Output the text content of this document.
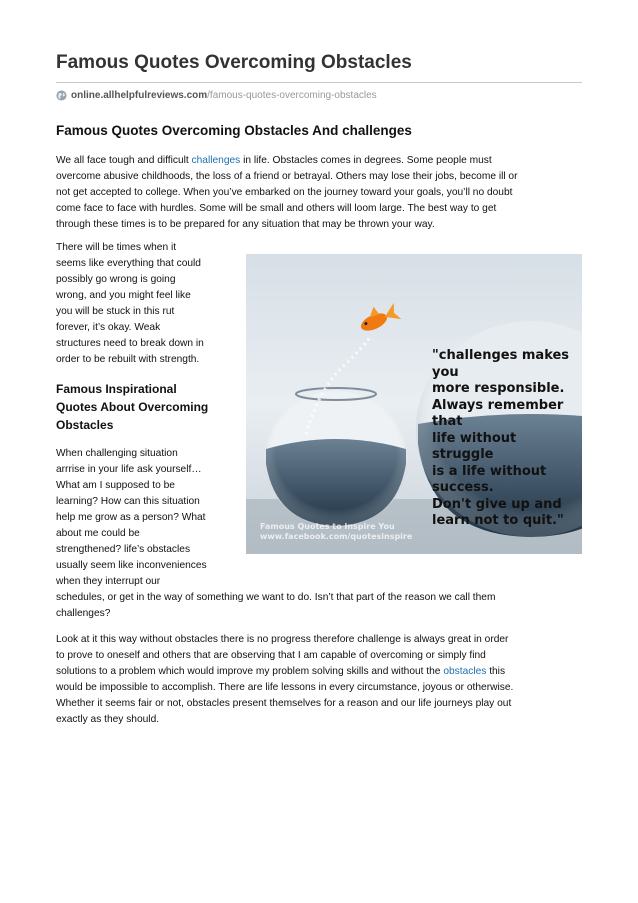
Famous Quotes Overcoming Obstacles
online.allhelpfulreviews.com /famous-quotes-overcoming-obstacles
Famous Quotes Overcoming Obstacles And challenges

We all face tough and difficult challenges in life. Obstacles comes in degrees. Some people must
overcome abusive childhoods, the loss of a friend or betrayal. Others may lose their jobs, become ill or
not get accepted to college. When you’ve embarked on the journey toward your goals, you’ll no doubt
come face to face with hurdles. Some will be small and others will loom large. The best way to get
through these times is to be prepared for any situation that may be thrown your way.

There will be times when it
seems like everything that could
possibly go wrong is going
wrong, and you might feel like
you will be stuck in this rut
forever, it’s okay. Weak
structures need to break down in
order to be rebuilt with strength.

Famous Inspirational
Quotes About Overcoming
Obstacles

When challenging situation
arrrise in your life ask yourself…
What am I supposed to be
learning? How can this situation
help me grow as a person? What
about me could be
strengthened? life’s obstacles
usually seem like inconveniences
when they interrupt our
schedules, or get in the way of something we want to do. Isn’t that part of the reason we call them
challenges?

Look at it this way without obstacles there is no progress therefore challenge is always great in order
to prove to oneself and others that are observing that I am capable of overcoming or simply find
solutions to a problem which would improve my problem solving skills and without the obstacles this
would be impossible to accomplish. There are life lessons in every circumstance, joyous or otherwise.
Whether it seems fair or not, obstacles present themselves for a reason and our life journeys play out
exactly as they should.

"challenges makes you
more responsible.
Always remember that
life without struggle
is a life without success.
Don't give up and
learn not to quit."
Famous Quotes to Inspire You
www.facebook.com/quotesinspire
